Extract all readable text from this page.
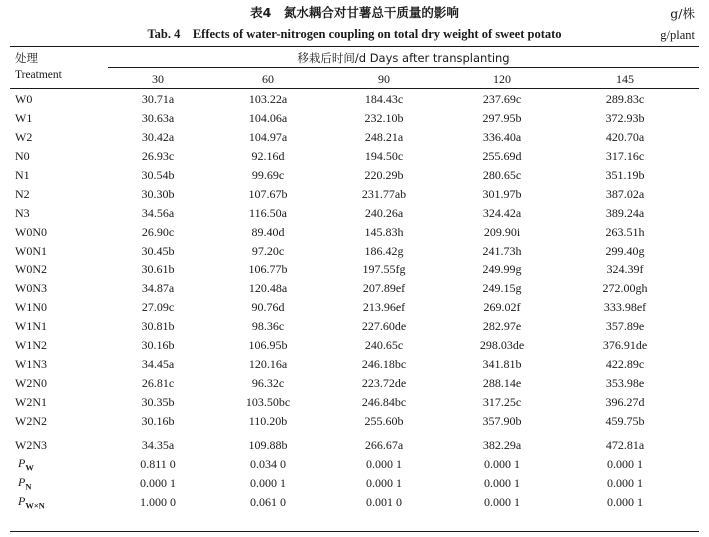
表4　氮水耦合对甘薯总干质量的影响	g/株
Tab. 4　Effects of water-nitrogen coupling on total dry weight of sweet potato	g/plant
处理
Treatment
移栽后时间/d Days after transplanting
30	60	90	120	145
W0	30.71a	103.22a	184.43c	237.69c	289.83c
W1	30.63a	104.06a	232.10b	297.95b	372.93b
W2	30.42a	104.97a	248.21a	336.40a	420.70a
N0	26.93c	92.16d	194.50c	255.69d	317.16c
N1	30.54b	99.69c	220.29b	280.65c	351.19b
N2	30.30b	107.67b	231.77ab	301.97b	387.02a
N3	34.56a	116.50a	240.26a	324.42a	389.24a
W0N0	26.90c	89.40d	145.83h	209.90i	263.51h
W0N1	30.45b	97.20c	186.42g	241.73h	299.40g
W0N2	30.61b	106.77b	197.55fg	249.99g	324.39f
W0N3	34.87a	120.48a	207.89ef	249.15g	272.00gh
W1N0	27.09c	90.76d	213.96ef	269.02f	333.98ef
W1N1	30.81b	98.36c	227.60de	282.97e	357.89e
W1N2	30.16b	106.95b	240.65c	298.03de	376.91de
W1N3	34.45a	120.16a	246.18bc	341.81b	422.89c
W2N0	26.81c	96.32c	223.72de	288.14e	353.98e
W2N1	30.35b	103.50bc	246.84bc	317.25c	396.27d
W2N2	30.16b	110.20b	255.60b	357.90b	459.75b
W2N3	34.35a	109.88b	266.67a	382.29a	472.81a
$P_W$	0.811 0	0.034 0	0.000 1	0.000 1	0.000 1
$P_N$	0.000 1	0.000 1	0.000 1	0.000 1	0.000 1
$P_{W\times N}$	1.000 0	0.061 0	0.001 0	0.000 1	0.000 1
